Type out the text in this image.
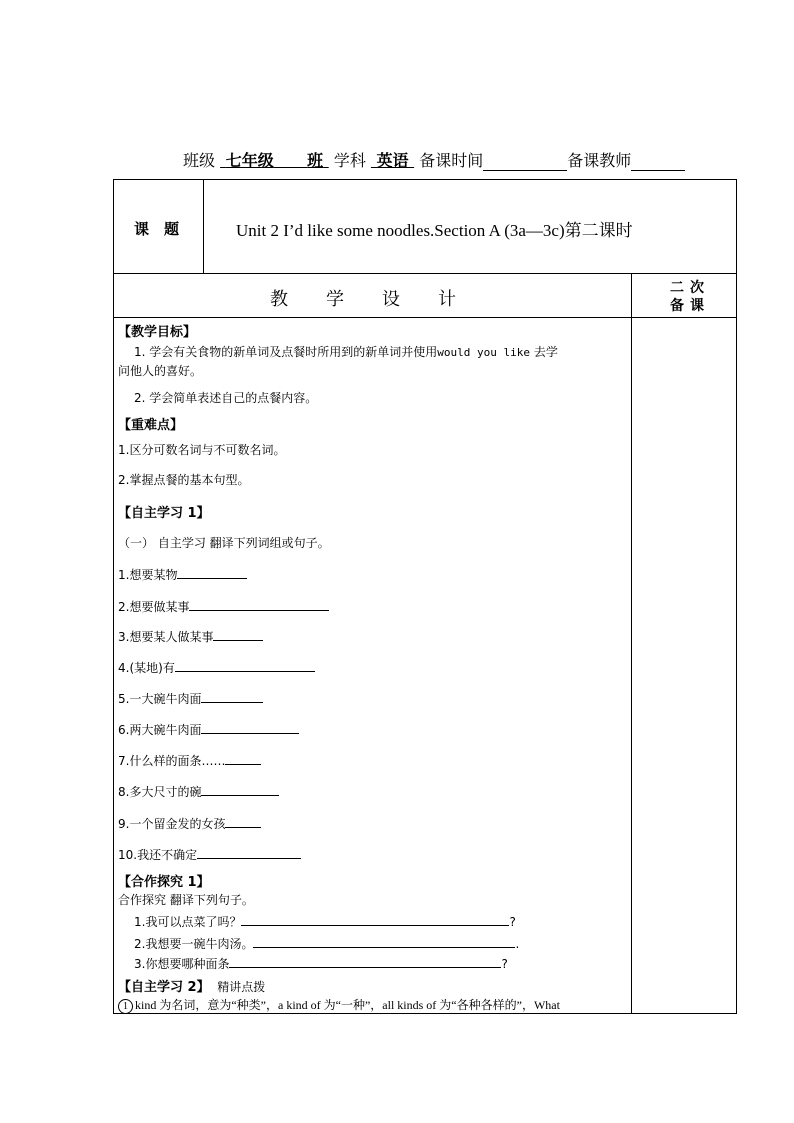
班级 七年级 班 学科 英语 备课时间	备课教师
课　题	Unit 2 I’d like some noodles.Section A (3a—3c)第二课时
教学设计
二次
备课
【教学目标】
1. 学会有关食物的新单词及点餐时所用到的新单词并使用would you like 去学
问他人的喜好。
2. 学会简单表述自己的点餐内容。
【重难点】
1.区分可数名词与不可数名词。
2.掌握点餐的基本句型。
【自主学习 1】
（一） 自主学习 翻译下列词组或句子。
1.想要某物
2.想要做某事
3.想要某人做某事
4.(某地)有
5.一大碗牛肉面
6.两大碗牛肉面
7.什么样的面条……
8.多大尺寸的碗
9.一个留金发的女孩
10.我还不确定
【合作探究 1】
合作探究 翻译下列句子。
1.我可以点菜了吗？	?
2.我想要一碗牛肉汤。	.
3.你想要哪种面条	?
【自主学习 2】 精讲点拨
1 kind 为名词，意为“种类”，a kind of 为“一种”，all kinds of 为“各种各样的”，What
